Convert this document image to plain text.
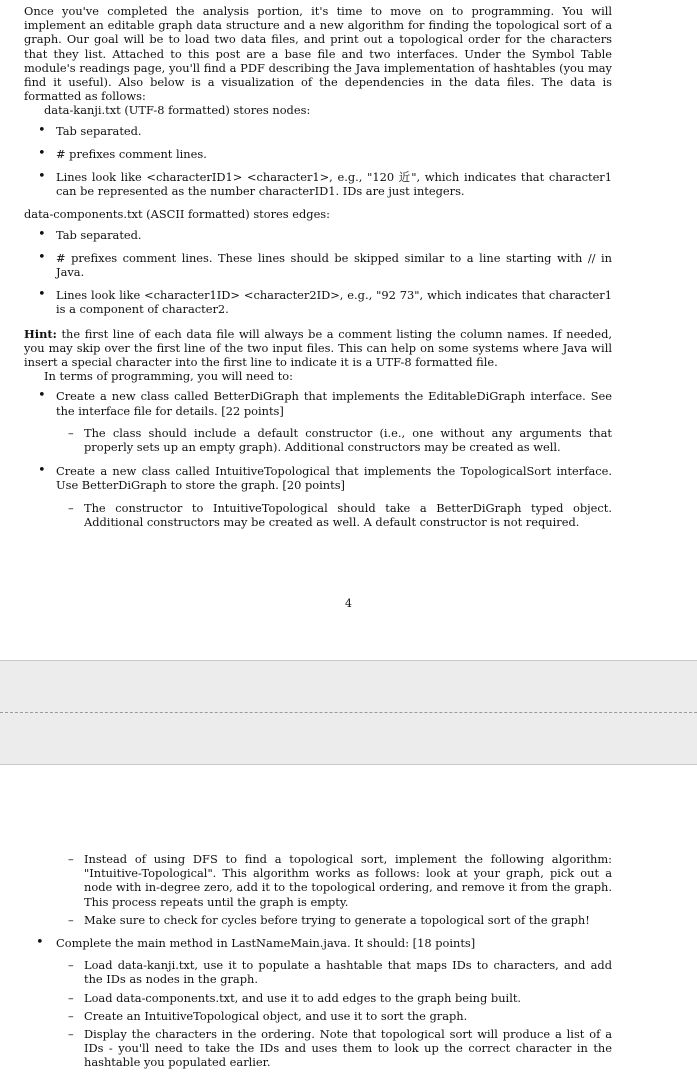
Once you've completed the analysis portion, it's time to move on to programming. You will implement an editable graph data structure and a new algorithm for finding the topological sort of a graph. Our goal will be to load two data files, and print out a topological order for the characters that they list. Attached to this post are a base file and two interfaces. Under the Symbol Table module's readings page, you'll find a PDF describing the Java implementation of hashtables (you may find it useful). Also below is a visualization of the dependencies in the data files. The data is formatted as follows:

data-kanji.txt (UTF-8 formatted) stores nodes:

• Tab separated.
• # prefixes comment lines.
• Lines look like <characterID1> <character1>, e.g., "120 近", which indicates that character1 can be represented as the number characterID1. IDs are just integers.

data-components.txt (ASCII formatted) stores edges:

• Tab separated.
• # prefixes comment lines. These lines should be skipped similar to a line starting with // in Java.
• Lines look like <character1ID> <character2ID>, e.g., "92 73", which indicates that character1 is a component of character2.

Hint: the first line of each data file will always be a comment listing the column names. If needed, you may skip over the first line of the two input files. This can help on some systems where Java will insert a special character into the first line to indicate it is a UTF-8 formatted file.

In terms of programming, you will need to:

• Create a new class called BetterDiGraph that implements the EditableDiGraph interface. See the interface file for details. [22 points]
– The class should include a default constructor (i.e., one without any arguments that properly sets up an empty graph). Additional constructors may be created as well.
• Create a new class called IntuitiveTopological that implements the TopologicalSort interface. Use BetterDiGraph to store the graph. [20 points]
– The constructor to IntuitiveTopological should take a BetterDiGraph typed object. Additional constructors may be created as well. A default constructor is not required.
4
– Instead of using DFS to find a topological sort, implement the following algorithm: "Intuitive-Topological". This algorithm works as follows: look at your graph, pick out a node with in-degree zero, add it to the topological ordering, and remove it from the graph. This process repeats until the graph is empty.
– Make sure to check for cycles before trying to generate a topological sort of the graph!
• Complete the main method in LastNameMain.java. It should: [18 points]
– Load data-kanji.txt, use it to populate a hashtable that maps IDs to characters, and add the IDs as nodes in the graph.
– Load data-components.txt, and use it to add edges to the graph being built.
– Create an IntuitiveTopological object, and use it to sort the graph.
– Display the characters in the ordering. Note that topological sort will produce a list of a IDs - you'll need to take the IDs and uses them to look up the correct character in the hashtable you populated earlier.
